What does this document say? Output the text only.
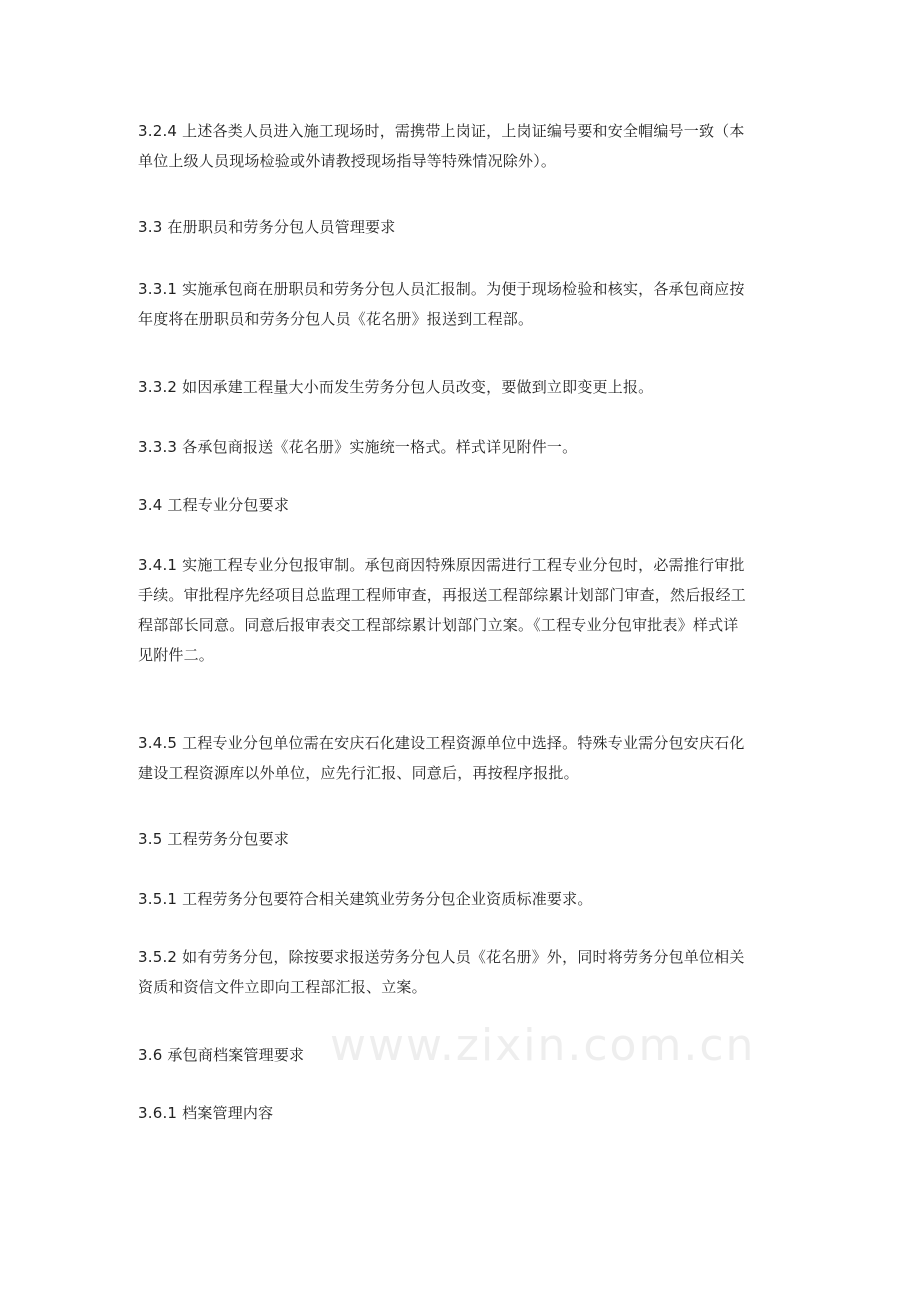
3.2.4 上述各类人员进入施工现场时，需携带上岗证，上岗证编号要和安全帽编号一致（本
单位上级人员现场检验或外请教授现场指导等特殊情况除外）。

3.3 在册职员和劳务分包人员管理要求

3.3.1 实施承包商在册职员和劳务分包人员汇报制。为便于现场检验和核实，各承包商应按
年度将在册职员和劳务分包人员《花名册》报送到工程部。

3.3.2 如因承建工程量大小而发生劳务分包人员改变，要做到立即变更上报。

3.3.3 各承包商报送《花名册》实施统一格式。样式详见附件一。

3.4 工程专业分包要求

3.4.1 实施工程专业分包报审制。承包商因特殊原因需进行工程专业分包时，必需推行审批
手续。审批程序先经项目总监理工程师审查，再报送工程部综累计划部门审查，然后报经工
程部部长同意。同意后报审表交工程部综累计划部门立案。《工程专业分包审批表》样式详
见附件二。

3.4.5 工程专业分包单位需在安庆石化建设工程资源单位中选择。特殊专业需分包安庆石化
建设工程资源库以外单位，应先行汇报、同意后，再按程序报批。

3.5 工程劳务分包要求

3.5.1 工程劳务分包要符合相关建筑业劳务分包企业资质标准要求。

3.5.2 如有劳务分包，除按要求报送劳务分包人员《花名册》外，同时将劳务分包单位相关
资质和资信文件立即向工程部汇报、立案。

3.6 承包商档案管理要求

3.6.1 档案管理内容

www.zixin.com.cn
